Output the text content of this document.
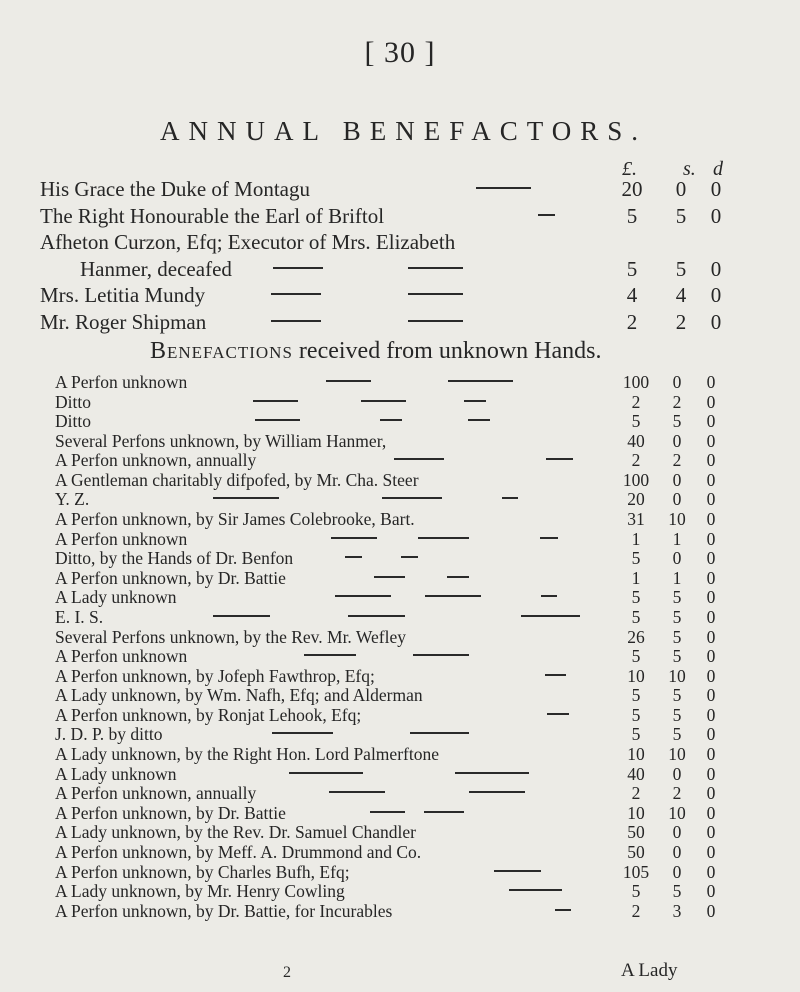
[ 30 ]
ANNUAL BENEFACTORS.
£. s. d
His Grace the Duke of Montagu	20	0	0
The Right Honourable the Earl of Briftol	5	5	0
Afheton Curzon, Efq; Executor of Mrs. Elizabeth
Hanmer, deceafed	5	5	0
Mrs. Letitia Mundy	4	4	0
Mr. Roger Shipman	2	2	0
Benefactions received from unknown Hands.
A Perfon unknown	100	0	0
Ditto	2	2	0
Ditto	5	5	0
Several Perfons unknown, by William Hanmer,	40	0	0
A Perfon unknown, annually	2	2	0
A Gentleman charitably difpofed, by Mr. Cha. Steer	100	0	0
Y. Z.	20	0	0
A Perfon unknown, by Sir James Colebrooke, Bart.	31	10	0
A Perfon unknown	1	1	0
Ditto, by the Hands of Dr. Benfon	5	0	0
A Perfon unknown, by Dr. Battie	1	1	0
A Lady unknown	5	5	0
E. I. S.	5	5	0
Several Perfons unknown, by the Rev. Mr. Wefley	26	5	0
A Perfon unknown	5	5	0
A Perfon unknown, by Jofeph Fawthrop, Efq;	10	10	0
A Lady unknown, by Wm. Nafh, Efq; and Alderman	5	5	0
A Perfon unknown, by Ronjat Lehook, Efq;	5	5	0
J. D. P. by ditto	5	5	0
A Lady unknown, by the Right Hon. Lord Palmerftone	10	10	0
A Lady unknown	40	0	0
A Perfon unknown, annually	2	2	0
A Perfon unknown, by Dr. Battie	10	10	0
A Lady unknown, by the Rev. Dr. Samuel Chandler	50	0	0
A Perfon unknown, by Meff. A. Drummond and Co.	50	0	0
A Perfon unknown, by Charles Bufh, Efq;	105	0	0
A Lady unknown, by Mr. Henry Cowling	5	5	0
A Perfon unknown, by Dr. Battie, for Incurables	2	3	0
2	A Lady
